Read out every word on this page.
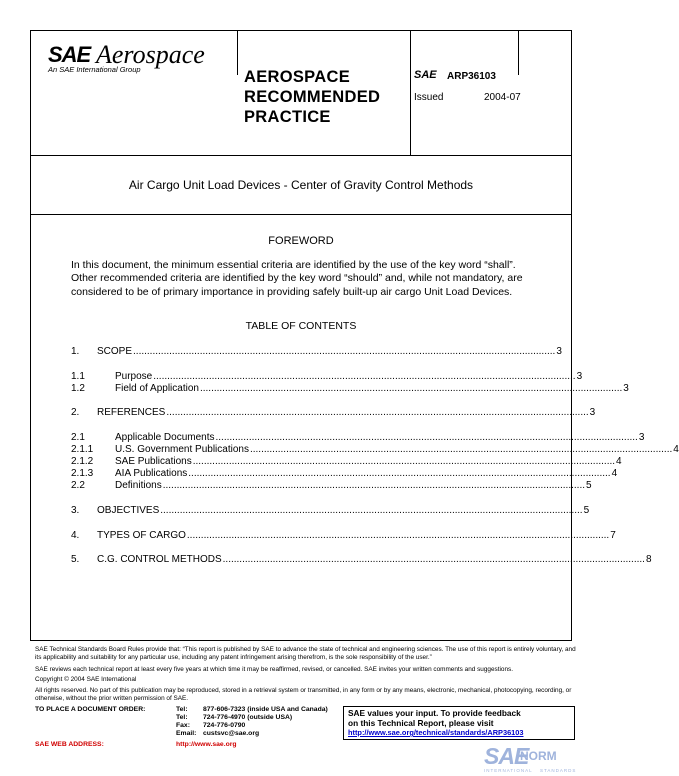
SAE Aerospace
An SAE International Group	AEROSPACE
RECOMMENDED
PRACTICE
SAE ARP36103
Issued	2004-07
Air Cargo Unit Load Devices - Center of Gravity Control Methods
FOREWORD
In this document, the minimum essential criteria are identified by the use of the key word “shall”. Other recommended criteria are identified by the key word “should” and, while not mandatory, are considered to be of primary importance in providing safely built-up air cargo Unit Load Devices.
TABLE OF CONTENTS
1. SCOPE ........................................................................................................................................................ 3
1.1	Purpose ........................................................................................................................................................ 3
1.2	Field of Application ........................................................................................................................................................ 3
2. REFERENCES ........................................................................................................................................................ 3
2.1	Applicable Documents ........................................................................................................................................................ 3
2.1.1 U.S. Government Publications ........................................................................................................................................................ 4
2.1.2 SAE Publications ........................................................................................................................................................ 4
2.1.3 AIA Publications ........................................................................................................................................................ 4
2.2	Definitions ........................................................................................................................................................ 5
3. OBJECTIVES ........................................................................................................................................................ 5
4. TYPES OF CARGO ........................................................................................................................................................ 7
5. C.G. CONTROL METHODS ........................................................................................................................................................ 8
SAE Technical Standards Board Rules provide that: “This report is published by SAE to advance the state of technical and engineering sciences. The use of this report is entirely voluntary, and its applicability and suitability for any particular use, including any patent infringement arising therefrom, is the sole responsibility of the user.”
SAE reviews each technical report at least every five years at which time it may be reaffirmed, revised, or cancelled. SAE invites your written comments and suggestions.
Copyright © 2004 SAE International
All rights reserved. No part of this publication may be reproduced, stored in a retrieval system or transmitted, in any form or by any means, electronic, mechanical, photocopying, recording, or otherwise, without the prior written permission of SAE.
TO PLACE A DOCUMENT ORDER:	Tel: 877-606-7323 (inside USA and Canada)
Tel: 724-776-4970 (outside USA)
Fax: 724-776-0790
Email: custsvc@sae.org
SAE WEB ADDRESS:	http://www.sae.org
SAE values your input. To provide feedback
on this Technical Report, please visit
http://www.sae.org/technical/standards/ARP36103
SAE
NORM
INTERNATIONAL STANDARDS
